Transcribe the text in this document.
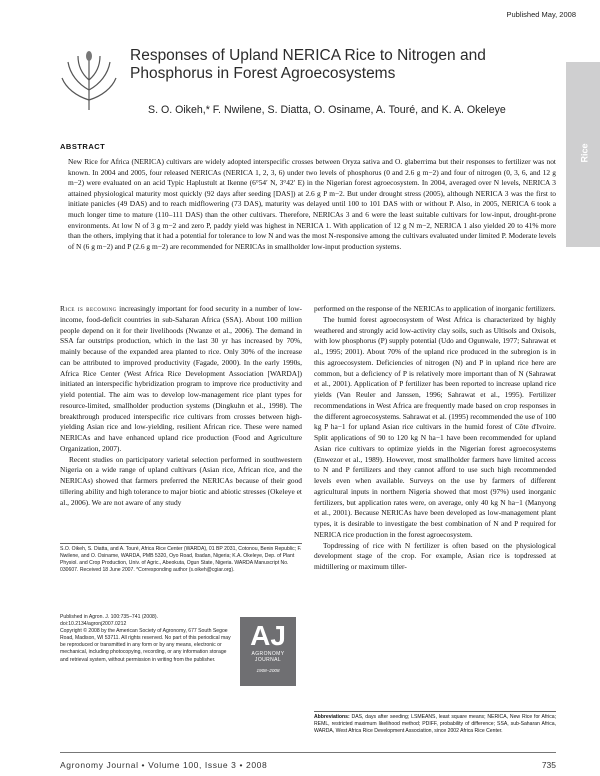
Published May, 2008
Responses of Upland NERICA Rice to Nitrogen and Phosphorus in Forest Agroecosystems
S. O. Oikeh,* F. Nwilene, S. Diatta, O. Osiname, A. Touré, and K. A. Okeleye
Rice
ABSTRACT
New Rice for Africa (NERICA) cultivars are widely adopted interspecific crosses between Oryza sativa and O. glaberrima but their responses to fertilizer was not known. In 2004 and 2005, four released NERICAs (NERICA 1, 2, 3, 6) under two levels of phosphorus (0 and 2.6 g m−2) and four of nitrogen (0, 3, 6, and 12 g m−2) were evaluated on an acid Typic Haplustult at Ikenne (6°54′ N, 3°42′ E) in the Nigerian forest agroecosystem. In 2004, averaged over N levels, NERICA 3 attained physiological maturity most quickly (92 days after seeding [DAS]) at 2.6 g P m−2. But under drought stress (2005), although NERICA 3 was the first to initiate panicles (49 DAS) and to reach midflowering (73 DAS), maturity was delayed until 100 to 101 DAS with or without P. Also, in 2005, NERICA 6 took a much longer time to mature (110–111 DAS) than the other cultivars. Therefore, NERICAs 3 and 6 were the least suitable cultivars for low-input, drought-prone environments. At low N of 3 g m−2 and zero P, paddy yield was highest in NERICA 1. With application of 12 g N m−2, NERICA 1 also yielded 20 to 41% more than the others, implying that it had a potential for tolerance to low N and was the most N-responsive among the cultivars evaluated under limited P. Moderate levels of N (6 g m−2) and P (2.6 g m−2) are recommended for NERICAs in smallholder low-input production systems.

Rice is becoming increasingly important for food security in a number of low-income, food-deficit countries in sub-Saharan Africa (SSA). About 100 million people depend on it for their livelihoods (Nwanze et al., 2006). The demand in SSA far outstrips production, which in the last 30 yr has increased by 70%, mainly because of the expanded area planted to rice. Only 30% of the increase can be attributed to improved productivity (Fagade, 2000). In the early 1990s, Africa Rice Center (West Africa Rice Development Association [WARDA]) initiated an interspecific hybridization program to improve rice productivity and yield potential. The aim was to develop low-management rice plant types for resource-limited, smallholder production systems (Dingkuhn et al., 1998). The breakthrough produced interspecific rice cultivars from crosses between high-yielding Asian rice and low-yielding, resilient African rice. These were named NERICAs and have enhanced upland rice production (Food and Agriculture Organization, 2007).

Recent studies on participatory varietal selection performed in southwestern Nigeria on a wide range of upland cultivars (Asian rice, African rice, and the NERICAs) showed that farmers preferred the NERICAs because of their good tillering ability and high tolerance to major biotic and abiotic stresses (Okeleye et al., 2006). We are not aware of any study

S.O. Oikeh, S. Diatta, and A. Touré, Africa Rice Center (WARDA), 01 BP 2031, Cotonou, Benin Republic; F. Nwilene, and O. Osiname, WARDA, PMB 5320, Oyo Road, Ibadan, Nigeria; K.A. Okeleye, Dep. of Plant Physiol. and Crop Production, Univ. of Agric., Abeokuta, Ogun State, Nigeria. WARDA Manuscript No. 030607. Received 18 June 2007. *Corresponding author (s.oikeh@cgiar.org).
Published in Agron. J. 100:735–741 (2008).
doi:10.2134/agronj2007.0212
Copyright © 2008 by the American Society of Agronomy, 677 South Segoe Road, Madison, WI 53711. All rights reserved. No part of this periodical may be reproduced or transmitted in any form or by any means, electronic or mechanical, including photocopying, recording, or any information storage and retrieval system, without permission in writing from the publisher.
AJ
AGRONOMY
JOURNAL
1908–2008

performed on the response of the NERICAs to application of inorganic fertilizers.

The humid forest agroecosystem of West Africa is characterized by highly weathered and strongly acid low-activity clay soils, such as Ultisols and Oxisols, with low phosphorus (P) supply potential (Udo and Ogunwale, 1977; Sahrawat et al., 1995; 2001). About 70% of the upland rice produced in the subregion is in this agroecosystem. Deficiencies of nitrogen (N) and P in upland rice here are common, but a deficiency of P is relatively more important than of N (Sahrawat et al., 2001). Application of P fertilizer has been reported to increase upland rice yields (Van Reuler and Janssen, 1996; Sahrawat et al., 1995). Fertilizer recommendations in West Africa are frequently made based on crop responses in the different agroecosystems. Sahrawat et al. (1995) recommended the use of 100 kg P ha−1 for upland Asian rice cultivars in the humid forest of Côte d'Ivoire. Split applications of 90 to 120 kg N ha−1 have been recommended for upland Asian rice cultivars to optimize yields in the Nigerian forest agroecosystems (Enwezor et al., 1989). However, most smallholder farmers have limited access to N and P fertilizers and they cannot afford to use such high recommended levels even when available. Surveys on the use by farmers of different agricultural inputs in northern Nigeria showed that most (97%) used inorganic fertilizers, but application rates were, on average, only 40 kg N ha−1 (Manyong et al., 2001). Because NERICAs have been developed as low-management plant types, it is desirable to investigate the best combination of N and P required for NERICA rice production in the forest agroecosystem.

Topdressing of rice with N fertilizer is often based on the physiological development stage of the crop. For example, Asian rice is topdressed at midtillering or maximum tiller-

Abbreviations: DAS, days after seeding; LSMEANS, least square means; NERICA, New Rice for Africa; REML, restricted maximum likelihood method; PDIFF, probability of difference; SSA, sub-Saharan Africa, WARDA, West Africa Rice Development Association, since 2002 Africa Rice Center.
Agronomy Journal • Volume 100, Issue 3 • 2008	735
